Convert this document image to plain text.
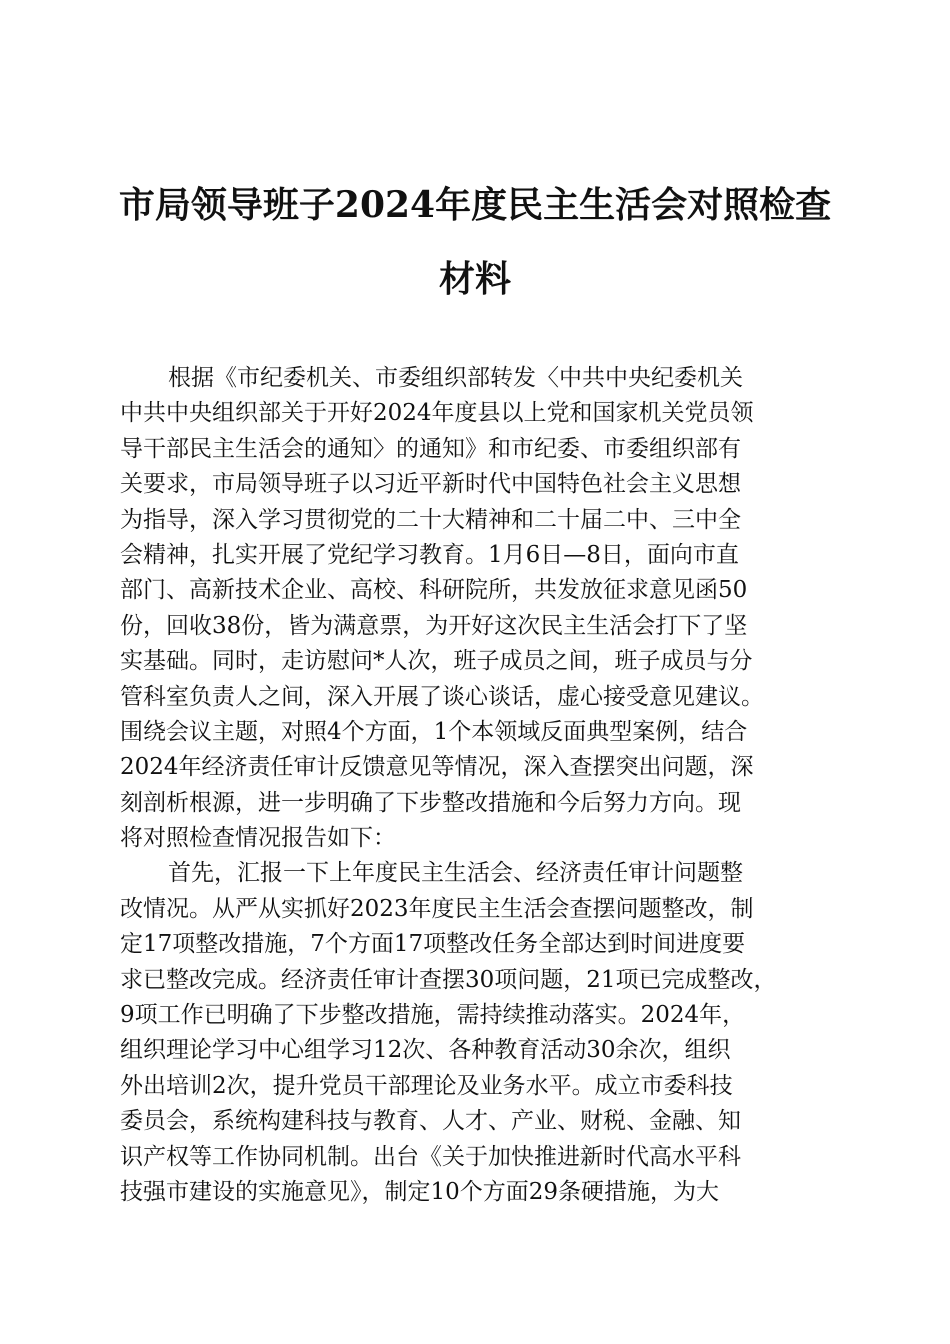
市局领导班子2024年度民主生活会对照检查
材料
根据《市纪委机关、市委组织部转发〈中共中央纪委机关
中共中央组织部关于开好2024年度县以上党和国家机关党员领
导干部民主生活会的通知〉的通知》和市纪委、市委组织部有
关要求，市局领导班子以习近平新时代中国特色社会主义思想
为指导，深入学习贯彻党的二十大精神和二十届二中、三中全
会精神，扎实开展了党纪学习教育。1月6日—8日，面向市直
部门、高新技术企业、高校、科研院所，共发放征求意见函50
份，回收38份，皆为满意票，为开好这次民主生活会打下了坚
实基础。同时，走访慰问*人次，班子成员之间，班子成员与分
管科室负责人之间，深入开展了谈心谈话，虚心接受意见建议。
围绕会议主题，对照4个方面，1个本领域反面典型案例，结合
2024年经济责任审计反馈意见等情况，深入查摆突出问题，深
刻剖析根源，进一步明确了下步整改措施和今后努力方向。现
将对照检查情况报告如下：
首先，汇报一下上年度民主生活会、经济责任审计问题整
改情况。从严从实抓好2023年度民主生活会查摆问题整改，制
定17项整改措施，7个方面17项整改任务全部达到时间进度要
求已整改完成。经济责任审计查摆30项问题，21项已完成整改，
9项工作已明确了下步整改措施，需持续推动落实。2024年，
组织理论学习中心组学习12次、各种教育活动30余次，组织
外出培训2次，提升党员干部理论及业务水平。成立市委科技
委员会，系统构建科技与教育、人才、产业、财税、金融、知
识产权等工作协同机制。出台《关于加快推进新时代高水平科
技强市建设的实施意见》，制定10个方面29条硬措施，为大
